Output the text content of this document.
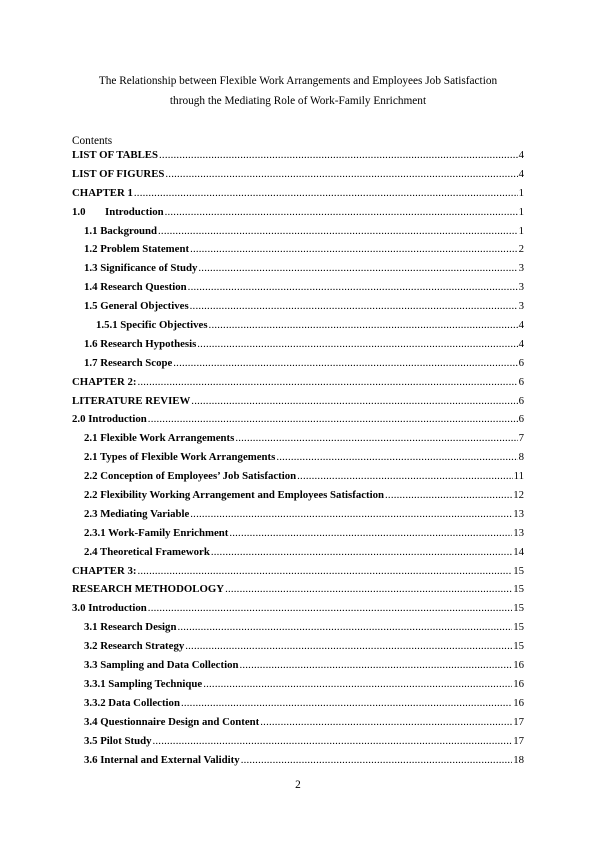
The Relationship between Flexible Work Arrangements and Employees Job Satisfaction
through the Mediating Role of Work-Family Enrichment
Contents
LIST OF TABLES .....	4
LIST OF FIGURES .....	4
CHAPTER 1 .....	1
1.0	Introduction .....	1
1.1 Background .....	1
1.2 Problem Statement .....	2
1.3 Significance of Study .....	3
1.4 Research Question .....	3
1.5 General Objectives .....	3
1.5.1 Specific Objectives .....	4
1.6 Research Hypothesis .....	4
1.7 Research Scope .....	6
CHAPTER 2: .....	6
LITERATURE REVIEW .....	6
2.0 Introduction .....	6
2.1 Flexible Work Arrangements .....	7
2.1 Types of Flexible Work Arrangements .....	8
2.2 Conception of Employees’ Job Satisfaction .....	11
2.2 Flexibility Working Arrangement and Employees Satisfaction .....	12
2.3 Mediating Variable .....	13
2.3.1 Work-Family Enrichment .....	13
2.4 Theoretical Framework .....	14
CHAPTER 3: .....	15
RESEARCH METHODOLOGY .....	15
3.0 Introduction .....	15
3.1 Research Design .....	15
3.2 Research Strategy .....	15
3.3 Sampling and Data Collection .....	16
3.3.1 Sampling Technique .....	16
3.3.2 Data Collection .....	16
3.4 Questionnaire Design and Content .....	17
3.5 Pilot Study .....	17
3.6 Internal and External Validity .....	18
2
